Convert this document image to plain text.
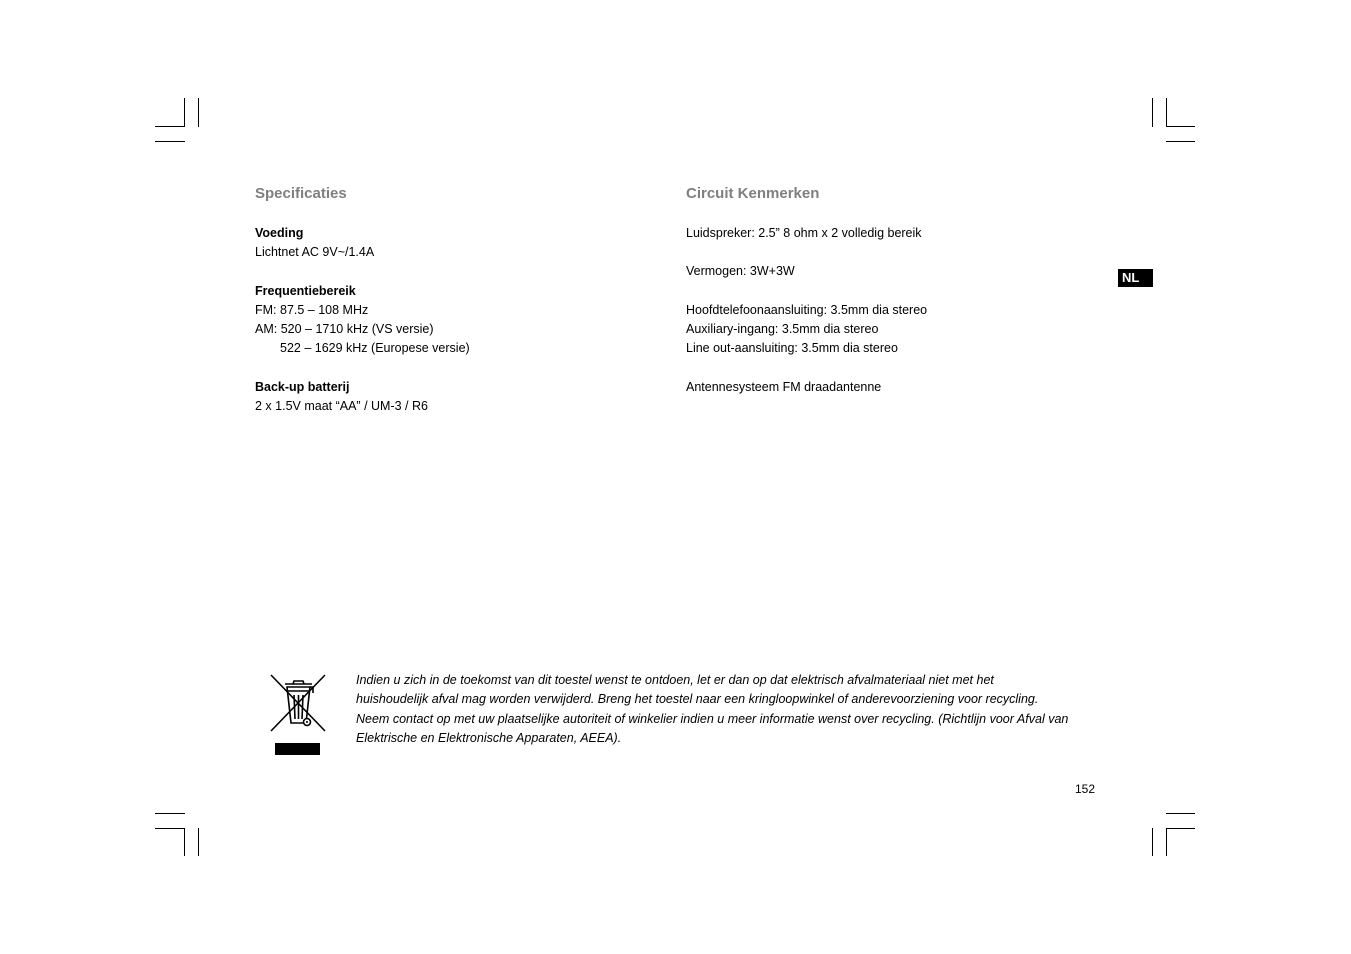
Specificaties
Voeding
Lichtnet AC 9V~/1.4A
Frequentiebereik
FM: 87.5 – 108 MHz
AM: 520 – 1710 kHz (VS versie)
522 – 1629 kHz (Europese versie)
Back-up batterij
2 x 1.5V maat “AA” / UM-3 / R6
Circuit Kenmerken
Luidspreker: 2.5” 8 ohm x 2 volledig bereik
Vermogen: 3W+3W
Hoofdtelefoonaansluiting: 3.5mm dia stereo
Auxiliary-ingang: 3.5mm dia stereo
Line out-aansluiting: 3.5mm dia stereo
Antennesysteem FM draadantenne
NL
Indien u zich in de toekomst van dit toestel wenst te ontdoen, let er dan op dat elektrisch afvalmateriaal niet met het
huishoudelijk afval mag worden verwijderd. Breng het toestel naar een kringloopwinkel of anderevoorziening voor recycling.
Neem contact op met uw plaatselijke autoriteit of winkelier indien u meer informatie wenst over recycling. (Richtlijn voor Afval van
Elektrische en Elektronische Apparaten, AEEA).
152
